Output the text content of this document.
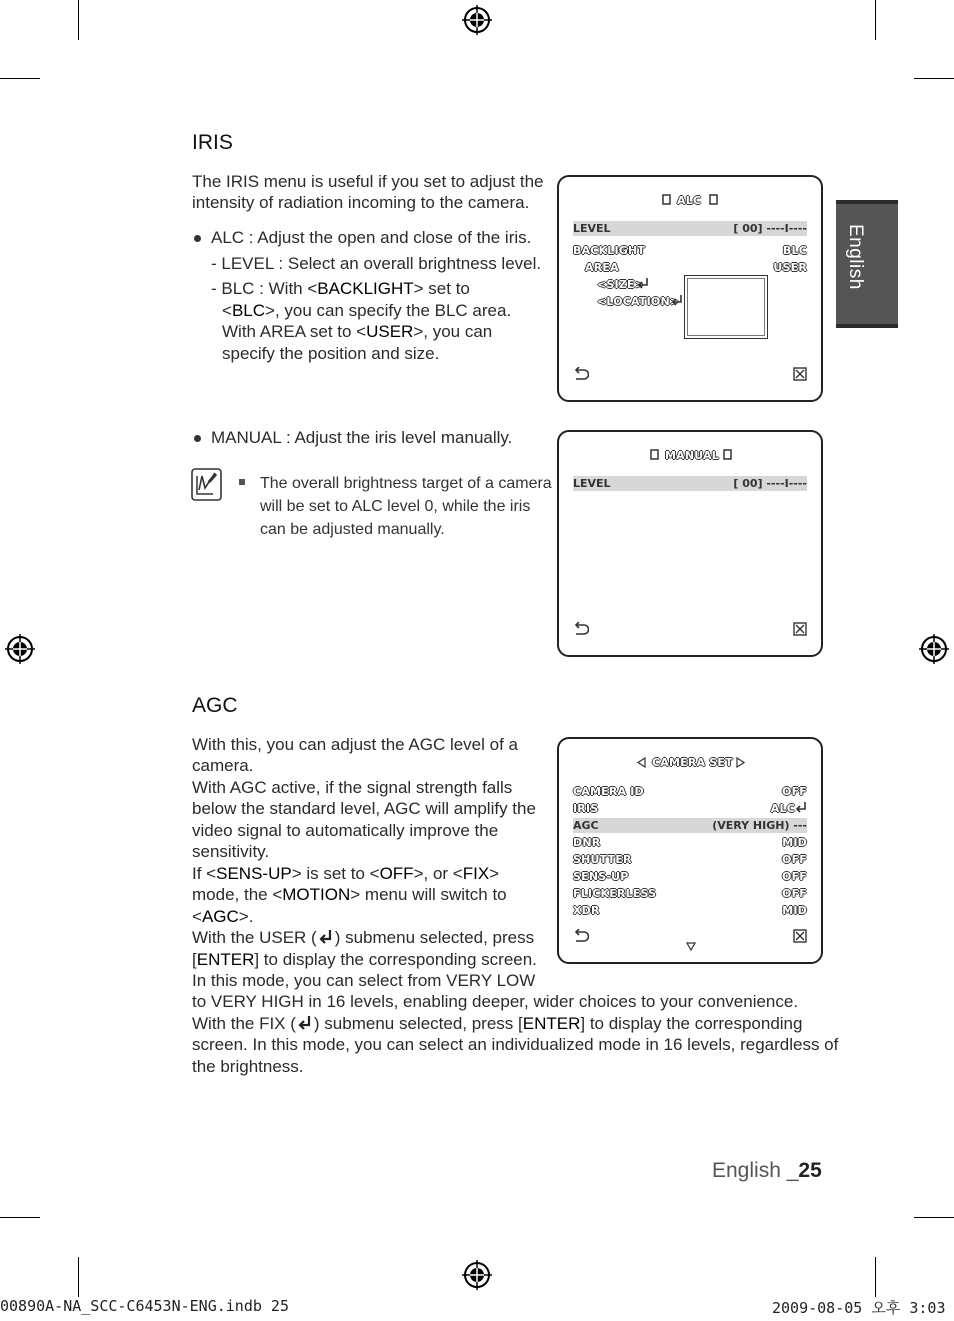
English
IRIS

The IRIS menu is useful if you set to adjust the

intensity of radiation incoming to the camera.

ALC : Adjust the open and close of the iris.

- LEVEL : Select an overall brightness level.

- BLC : With <BACKLIGHT> set to

<BLC>, you can specify the BLC area.

With AREA set to <USER>, you can

specify the position and size.

MANUAL : Adjust the iris level manually.
The overall brightness target of a camera
will be set to ALC level 0, while the iris
can be adjusted manually.
ALC
LEVEL	[ 00] ----I----
BACKLIGHT	BLC
AREA	USER
<SIZE>
<LOCATION>
MANUAL
LEVEL	[ 00] ----I----
AGC

With this, you can adjust the AGC level of a

camera.

With AGC active, if the signal strength falls

below the standard level, AGC will amplify the

video signal to automatically improve the

sensitivity.

If <SENS-UP> is set to <OFF>, or <FIX>

mode, the <MOTION> menu will switch to

<AGC>.

With the USER ( ) submenu selected, press

[ENTER] to display the corresponding screen.

In this mode, you can select from VERY LOW

to VERY HIGH in 16 levels, enabling deeper, wider choices to your convenience.

With the FIX ( ) submenu selected, press [ENTER] to display the corresponding

screen. In this mode, you can select an individualized mode in 16 levels, regardless of

the brightness.

CAMERA SET
CAMERA ID	OFF
IRIS	ALC
AGC	(VERY HIGH) ---
DNR	MID
SHUTTER	OFF
SENS-UP	OFF
FLICKERLESS	OFF
XDR	MID
English _25
00890A-NA_SCC-C6453N-ENG.indb 25	2009-08-05 오후 3:03
